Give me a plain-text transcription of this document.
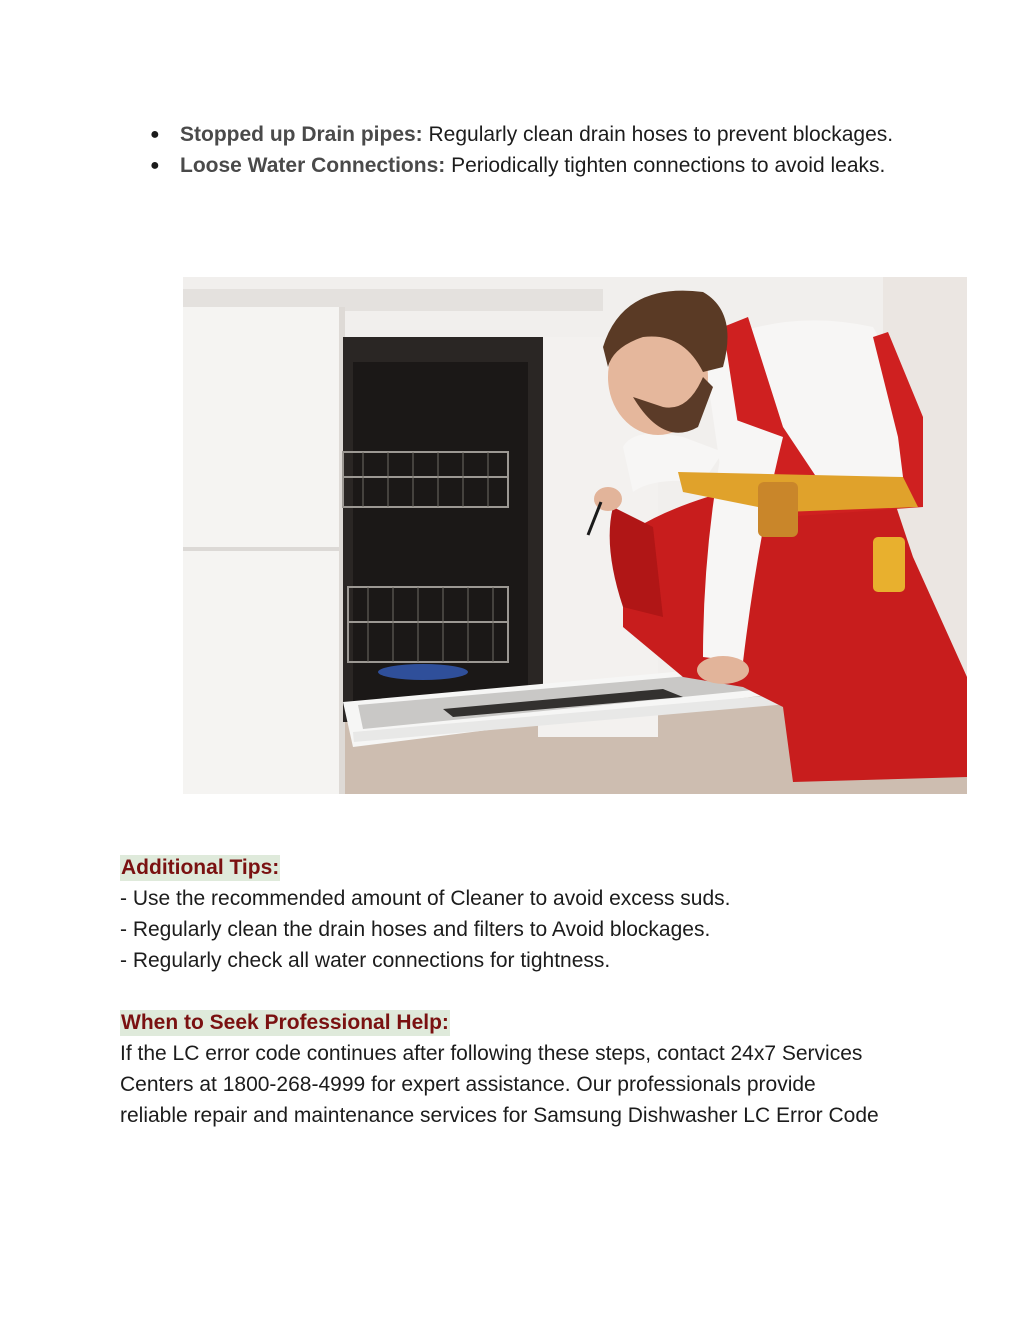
● Stopped up Drain pipes: Regularly clean drain hoses to prevent blockages.
● Loose Water Connections: Periodically tighten connections to avoid leaks.
Additional Tips:
- Use the recommended amount of Cleaner to avoid excess suds.
- Regularly clean the drain hoses and filters to Avoid blockages.
- Regularly check all water connections for tightness.
When to Seek Professional Help:
If the LC error code continues after following these steps, contact 24x7 Services Centers at 1800-268-4999 for expert assistance. Our professionals provide reliable repair and maintenance services for Samsung Dishwasher LC Error Code
